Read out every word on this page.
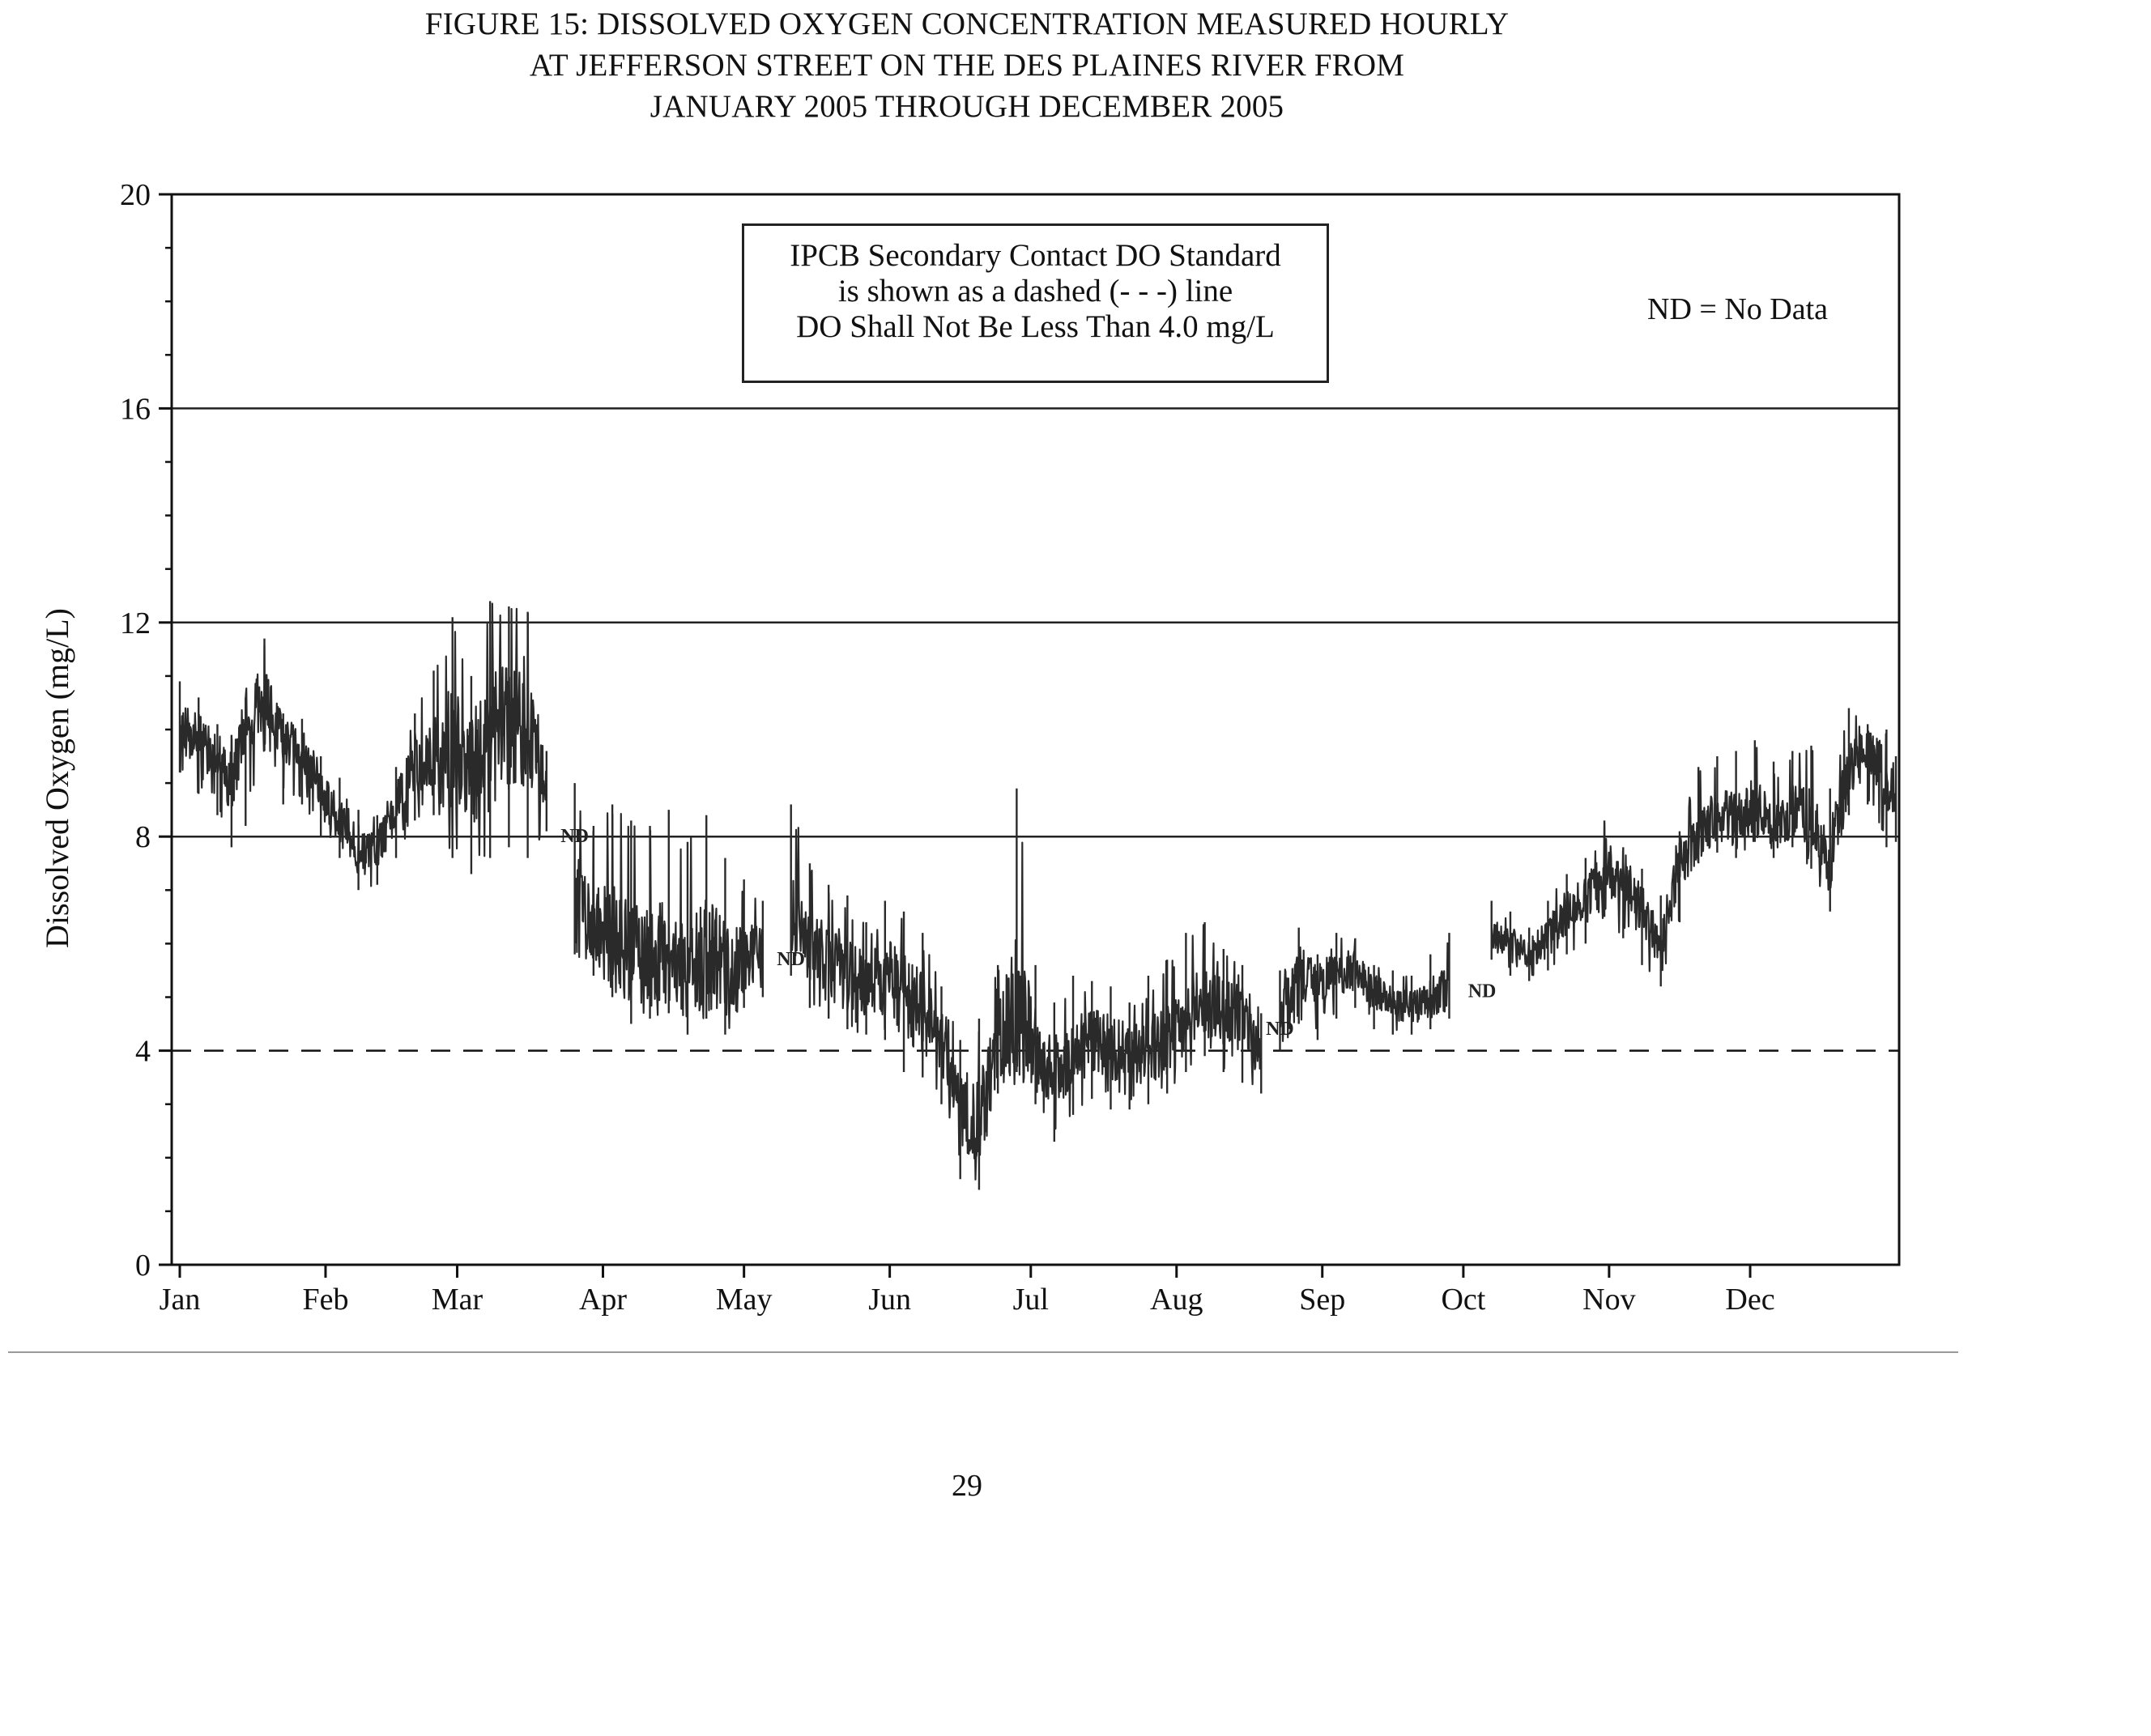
FIGURE 15: DISSOLVED OXYGEN CONCENTRATION MEASURED HOURLY
AT JEFFERSON STREET ON THE DES PLAINES RIVER FROM
JANUARY 2005 THROUGH DECEMBER 2005
ND
ND
ND
ND
0
4
8
12
16
20
Jan	Feb	Mar	Apr	May	Jun	Jul	Aug	Sep	Oct	Nov	Dec
Dissolved Oxygen (mg/L)
IPCB Secondary Contact DO Standard
is shown as a dashed (- - -) line
DO Shall Not Be Less Than 4.0 mg/L	ND = No Data
29
